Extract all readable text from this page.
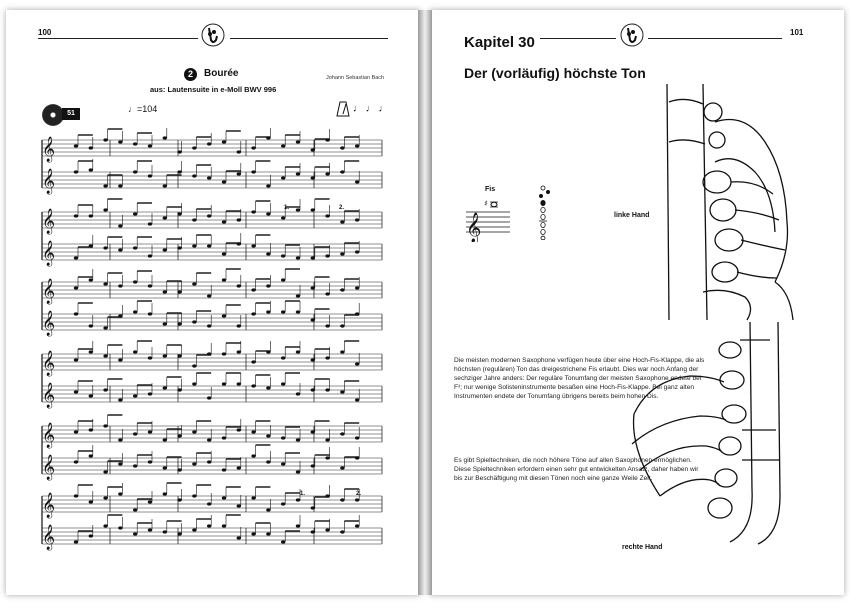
100
2	Bourée
aus: Lautensuite in e-Moll BWV 996
Johann Sebastian Bach
51	♩=104	♩ ♩ ♩
𝄞
𝄞
𝄞
𝄞
𝄞
𝄞
𝄞
𝄞
𝄞
𝄞
𝄞
𝄞
1.	2.
1.	2.
Kapitel 30
101
Der (vorläufig) höchste Ton
Fis
𝄞
♯
linke Hand
rechte Hand

Die meisten modernen Saxophone verfügen heute über eine Hoch-Fis-Klappe, die als höchsten (regulären) Ton das dreigestrichene Fis erlaubt. Dies war noch Anfang der sechziger Jahre anders: Der reguläre Tonumfang der meisten Saxophone endete bei F³; nur wenige Solisteninstrumente besaßen eine Hoch-Fis-Klappe. Bei ganz alten Instrumenten endete der Tonumfang übrigens bereits beim hohen Dis.

Es gibt Spieltechniken, die noch höhere Töne auf allen Saxophonen ermöglichen. Diese Spieltechniken erfordern einen sehr gut entwickelten Ansatz, daher haben wir bis zur Beschäftigung mit diesen Tönen noch eine ganze Weile Zeit.
